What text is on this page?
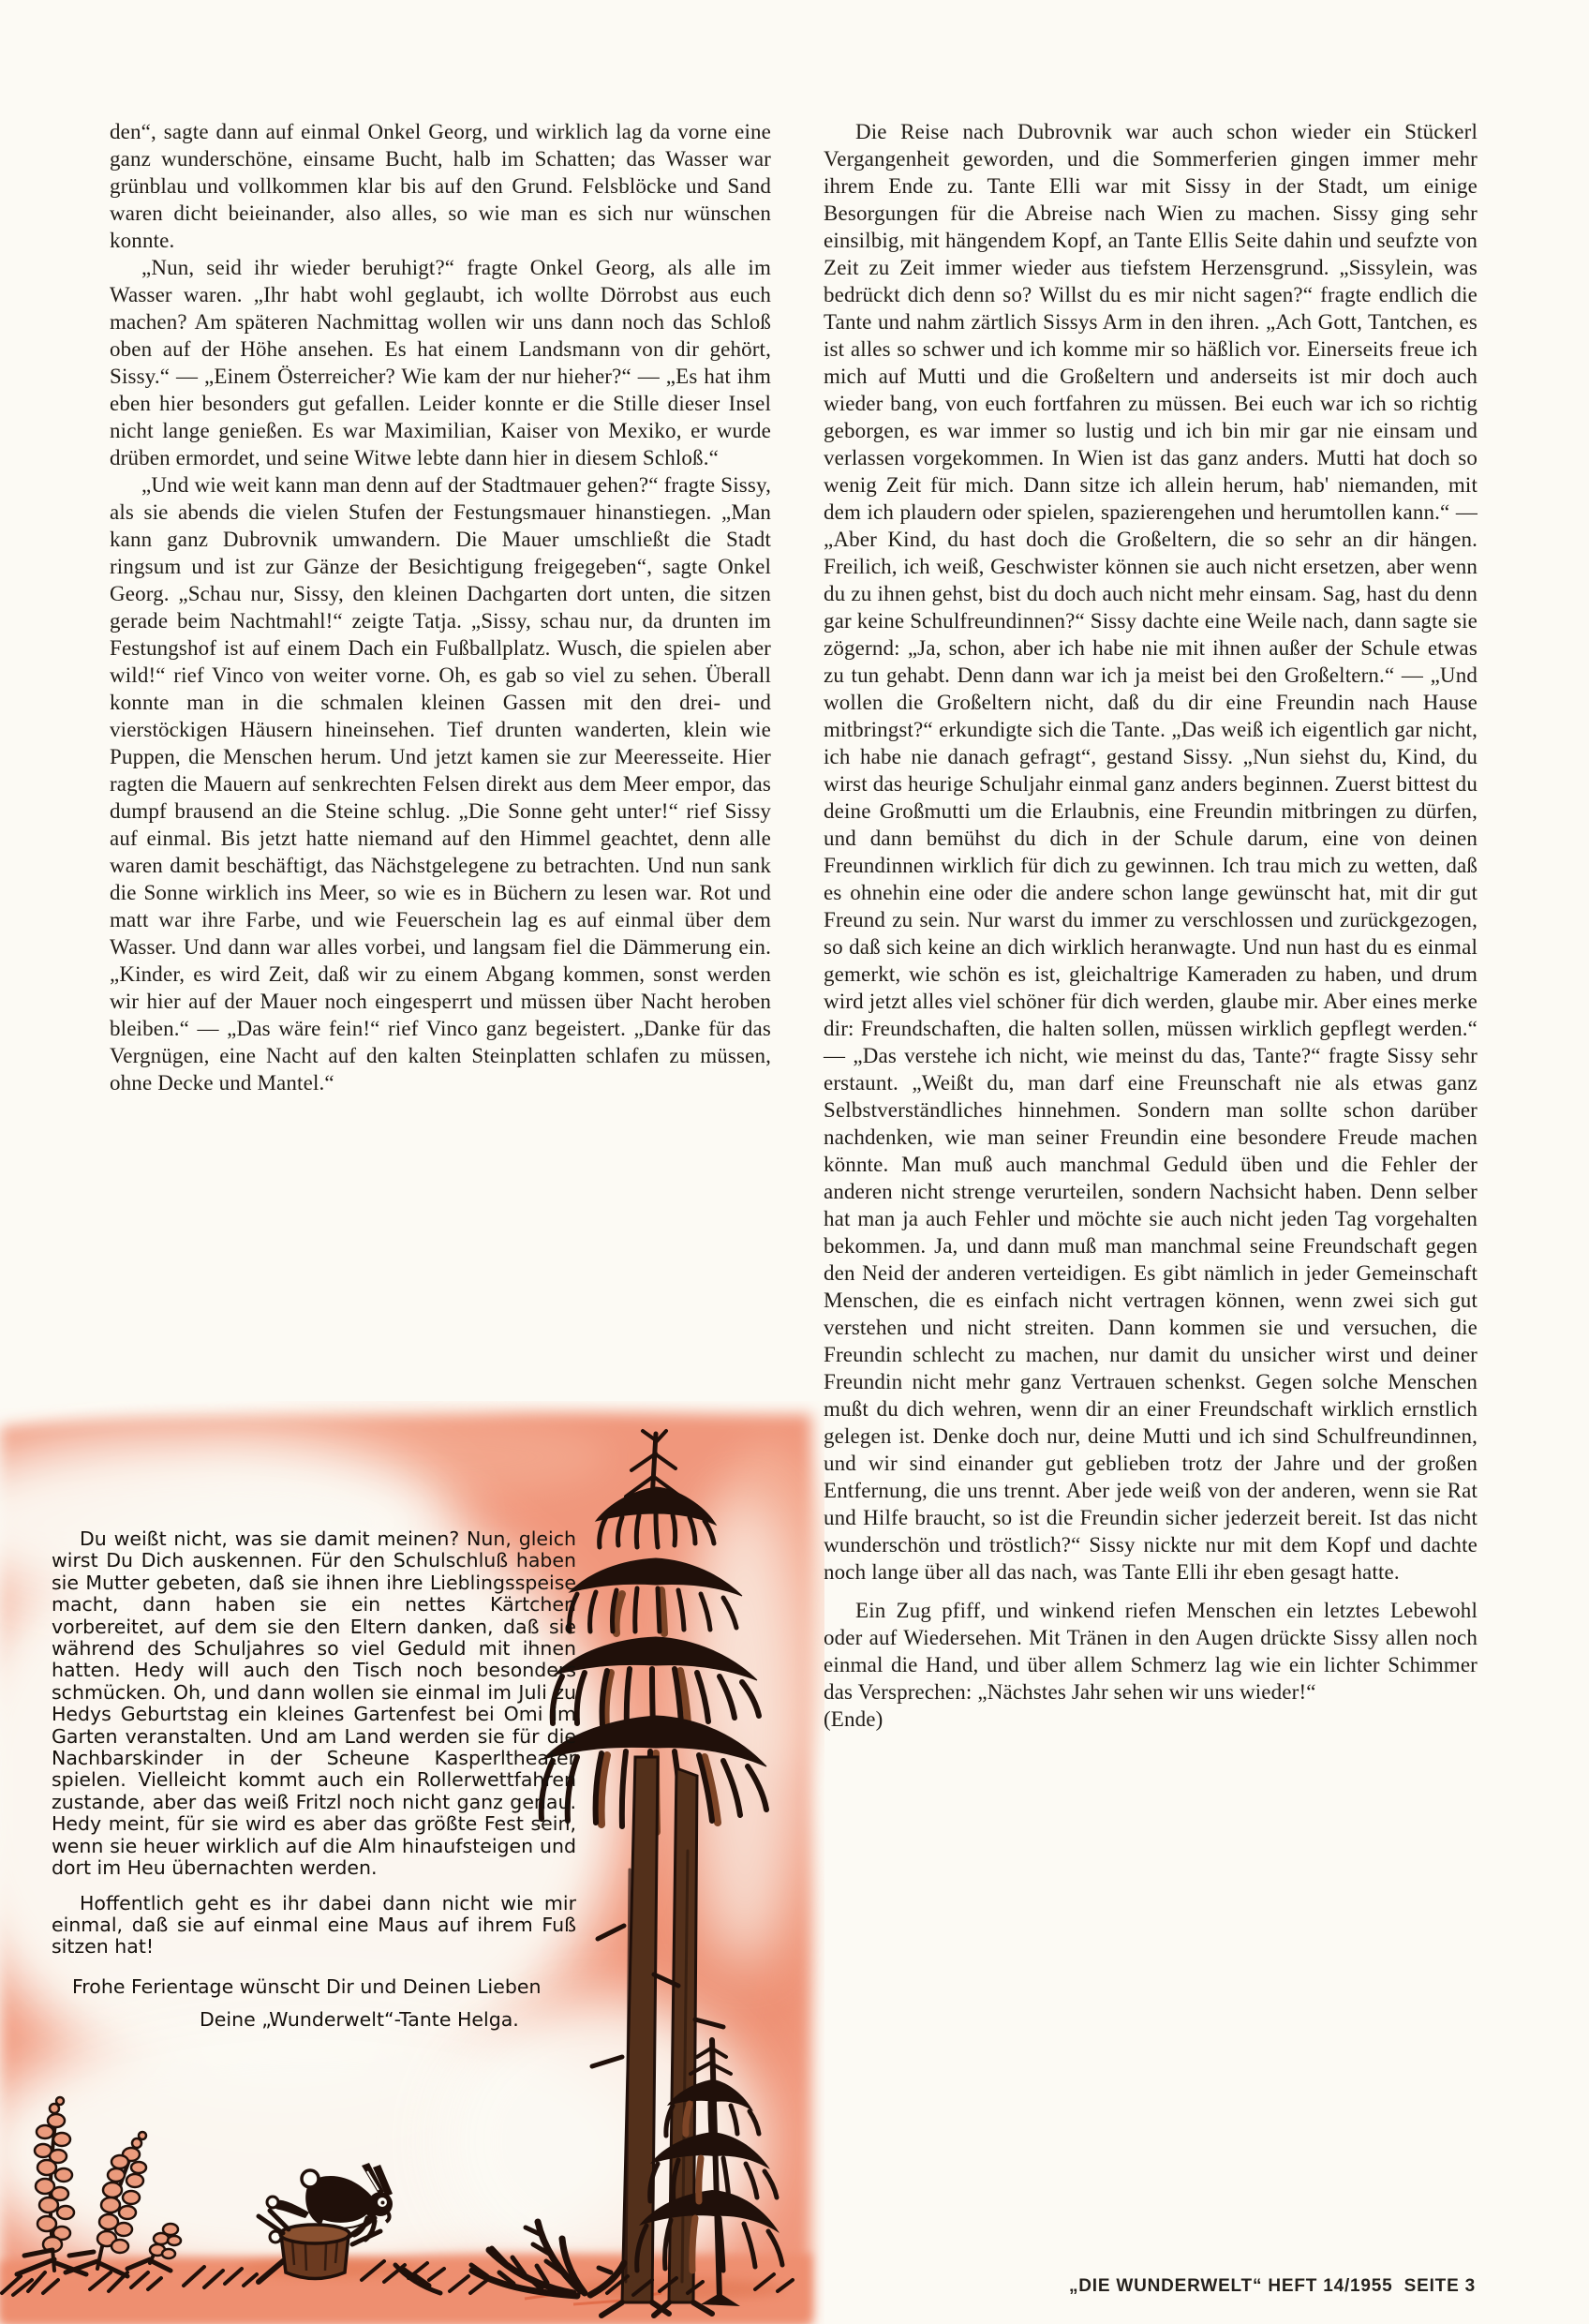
den“, sagte dann auf einmal Onkel Georg, und wirklich lag da vorne eine ganz wunderschöne, einsame Bucht, halb im Schatten; das Wasser war grünblau und vollkommen klar bis auf den Grund. Felsblöcke und Sand waren dicht beieinander, also alles, so wie man es sich nur wünschen konnte.

„Nun, seid ihr wieder beruhigt?“ fragte Onkel Georg, als alle im Wasser waren. „Ihr habt wohl geglaubt, ich wollte Dörrobst aus euch machen? Am späteren Nachmittag wollen wir uns dann noch das Schloß oben auf der Höhe ansehen. Es hat einem Landsmann von dir gehört, Sissy.“ — „Einem Österreicher? Wie kam der nur hieher?“ — „Es hat ihm eben hier besonders gut gefallen. Leider konnte er die Stille dieser Insel nicht lange genießen. Es war Maximilian, Kaiser von Mexiko, er wurde drüben ermordet, und seine Witwe lebte dann hier in diesem Schloß.“

„Und wie weit kann man denn auf der Stadtmauer gehen?“ fragte Sissy, als sie abends die vielen Stufen der Festungsmauer hinanstiegen. „Man kann ganz Dubrovnik umwandern. Die Mauer umschließt die Stadt ringsum und ist zur Gänze der Besichtigung freigegeben“, sagte Onkel Georg. „Schau nur, Sissy, den kleinen Dachgarten dort unten, die sitzen gerade beim Nachtmahl!“ zeigte Tatja. „Sissy, schau nur, da drunten im Festungshof ist auf einem Dach ein Fußballplatz. Wusch, die spielen aber wild!“ rief Vinco von weiter vorne. Oh, es gab so viel zu sehen. Überall konnte man in die schmalen kleinen Gassen mit den drei- und vierstöckigen Häusern hineinsehen. Tief drunten wanderten, klein wie Puppen, die Menschen herum. Und jetzt kamen sie zur Meeresseite. Hier ragten die Mauern auf senkrechten Felsen direkt aus dem Meer empor, das dumpf brausend an die Steine schlug. „Die Sonne geht unter!“ rief Sissy auf einmal. Bis jetzt hatte niemand auf den Himmel geachtet, denn alle waren damit beschäftigt, das Nächstgelegene zu betrachten. Und nun sank die Sonne wirklich ins Meer, so wie es in Büchern zu lesen war. Rot und matt war ihre Farbe, und wie Feuerschein lag es auf einmal über dem Wasser. Und dann war alles vorbei, und langsam fiel die Dämmerung ein. „Kinder, es wird Zeit, daß wir zu einem Abgang kommen, sonst werden wir hier auf der Mauer noch eingesperrt und müssen über Nacht heroben bleiben.“ — „Das wäre fein!“ rief Vinco ganz begeistert. „Danke für das Vergnügen, eine Nacht auf den kalten Steinplatten schlafen zu müssen, ohne Decke und Mantel.“

Die Reise nach Dubrovnik war auch schon wieder ein Stückerl Vergangenheit geworden, und die Sommerferien gingen immer mehr ihrem Ende zu. Tante Elli war mit Sissy in der Stadt, um einige Besorgungen für die Abreise nach Wien zu machen. Sissy ging sehr einsilbig, mit hängendem Kopf, an Tante Ellis Seite dahin und seufzte von Zeit zu Zeit immer wieder aus tiefstem Herzensgrund. „Sissylein, was bedrückt dich denn so? Willst du es mir nicht sagen?“ fragte endlich die Tante und nahm zärtlich Sissys Arm in den ihren. „Ach Gott, Tantchen, es ist alles so schwer und ich komme mir so häßlich vor. Einerseits freue ich mich auf Mutti und die Großeltern und anderseits ist mir doch auch wieder bang, von euch fortfahren zu müssen. Bei euch war ich so richtig geborgen, es war immer so lustig und ich bin mir gar nie einsam und verlassen vorgekommen. In Wien ist das ganz anders. Mutti hat doch so wenig Zeit für mich. Dann sitze ich allein herum, hab' niemanden, mit dem ich plaudern oder spielen, spazierengehen und herumtollen kann.“ — „Aber Kind, du hast doch die Großeltern, die so sehr an dir hängen. Freilich, ich weiß, Geschwister können sie auch nicht ersetzen, aber wenn du zu ihnen gehst, bist du doch auch nicht mehr einsam. Sag, hast du denn gar keine Schulfreundinnen?“ Sissy dachte eine Weile nach, dann sagte sie zögernd: „Ja, schon, aber ich habe nie mit ihnen außer der Schule etwas zu tun gehabt. Denn dann war ich ja meist bei den Großeltern.“ — „Und wollen die Großeltern nicht, daß du dir eine Freundin nach Hause mitbringst?“ erkundigte sich die Tante. „Das weiß ich eigentlich gar nicht, ich habe nie danach gefragt“, gestand Sissy. „Nun siehst du, Kind, du wirst das heurige Schuljahr einmal ganz anders beginnen. Zuerst bittest du deine Großmutti um die Erlaubnis, eine Freundin mitbringen zu dürfen, und dann bemühst du dich in der Schule darum, eine von deinen Freundinnen wirklich für dich zu gewinnen. Ich trau mich zu wetten, daß es ohnehin eine oder die andere schon lange gewünscht hat, mit dir gut Freund zu sein. Nur warst du immer zu verschlossen und zurückgezogen, so daß sich keine an dich wirklich heranwagte. Und nun hast du es einmal gemerkt, wie schön es ist, gleichaltrige Kameraden zu haben, und drum wird jetzt alles viel schöner für dich werden, glaube mir. Aber eines merke dir: Freundschaften, die halten sollen, müssen wirklich gepflegt werden.“ — „Das verstehe ich nicht, wie meinst du das, Tante?“ fragte Sissy sehr erstaunt. „Weißt du, man darf eine Freunschaft nie als etwas ganz Selbstverständliches hinnehmen. Sondern man sollte schon darüber nachdenken, wie man seiner Freundin eine besondere Freude machen könnte. Man muß auch manchmal Geduld üben und die Fehler der anderen nicht strenge verurteilen, sondern Nachsicht haben. Denn selber hat man ja auch Fehler und möchte sie auch nicht jeden Tag vorgehalten bekommen. Ja, und dann muß man manchmal seine Freundschaft gegen den Neid der anderen verteidigen. Es gibt nämlich in jeder Gemeinschaft Menschen, die es einfach nicht vertragen können, wenn zwei sich gut verstehen und nicht streiten. Dann kommen sie und versuchen, die Freundin schlecht zu machen, nur damit du unsicher wirst und deiner Freundin nicht mehr ganz Vertrauen schenkst. Gegen solche Menschen mußt du dich wehren, wenn dir an einer Freundschaft wirklich ernstlich gelegen ist. Denke doch nur, deine Mutti und ich sind Schulfreundinnen, und wir sind einander gut geblieben trotz der Jahre und der großen Entfernung, die uns trennt. Aber jede weiß von der anderen, wenn sie Rat und Hilfe braucht, so ist die Freundin sicher jederzeit bereit. Ist das nicht wunderschön und tröstlich?“ Sissy nickte nur mit dem Kopf und dachte noch lange über all das nach, was Tante Elli ihr eben gesagt hatte.

Ein Zug pfiff, und winkend riefen Menschen ein letztes Lebewohl oder auf Wiedersehen. Mit Tränen in den Augen drückte Sissy allen noch einmal die Hand, und über allem Schmerz lag wie ein lichter Schimmer das Versprechen: „Nächstes Jahr sehen wir uns wieder!“

(Ende)

Du weißt nicht, was sie damit meinen? Nun, gleich wirst Du Dich auskennen. Für den Schulschluß haben sie Mutter gebeten, daß sie ihnen ihre Lieblingsspeise macht, dann haben sie ein nettes Kärtchen vorbereitet, auf dem sie den Eltern danken, daß sie während des Schuljahres so viel Geduld mit ihnen hatten. Hedy will auch den Tisch noch besonders schmücken. Oh, und dann wollen sie einmal im Juli zu Hedys Geburtstag ein kleines Gartenfest bei Omi im Garten veranstalten. Und am Land werden sie für die Nachbarskinder in der Scheune Kasperltheater spielen. Vielleicht kommt auch ein Rollerwettfahren zustande, aber das weiß Fritzl noch nicht ganz genau. Hedy meint, für sie wird es aber das größte Fest sein, wenn sie heuer wirklich auf die Alm hinaufsteigen und dort im Heu übernachten werden.

Hoffentlich geht es ihr dabei dann nicht wie mir einmal, daß sie auf einmal eine Maus auf ihrem Fuß sitzen hat!

Frohe Ferientage wünscht Dir und Deinen Lieben

Deine „Wunderwelt“-Tante Helga.

„DIE WUNDERWELT“ HEFT 14/1955  SEITE 3
